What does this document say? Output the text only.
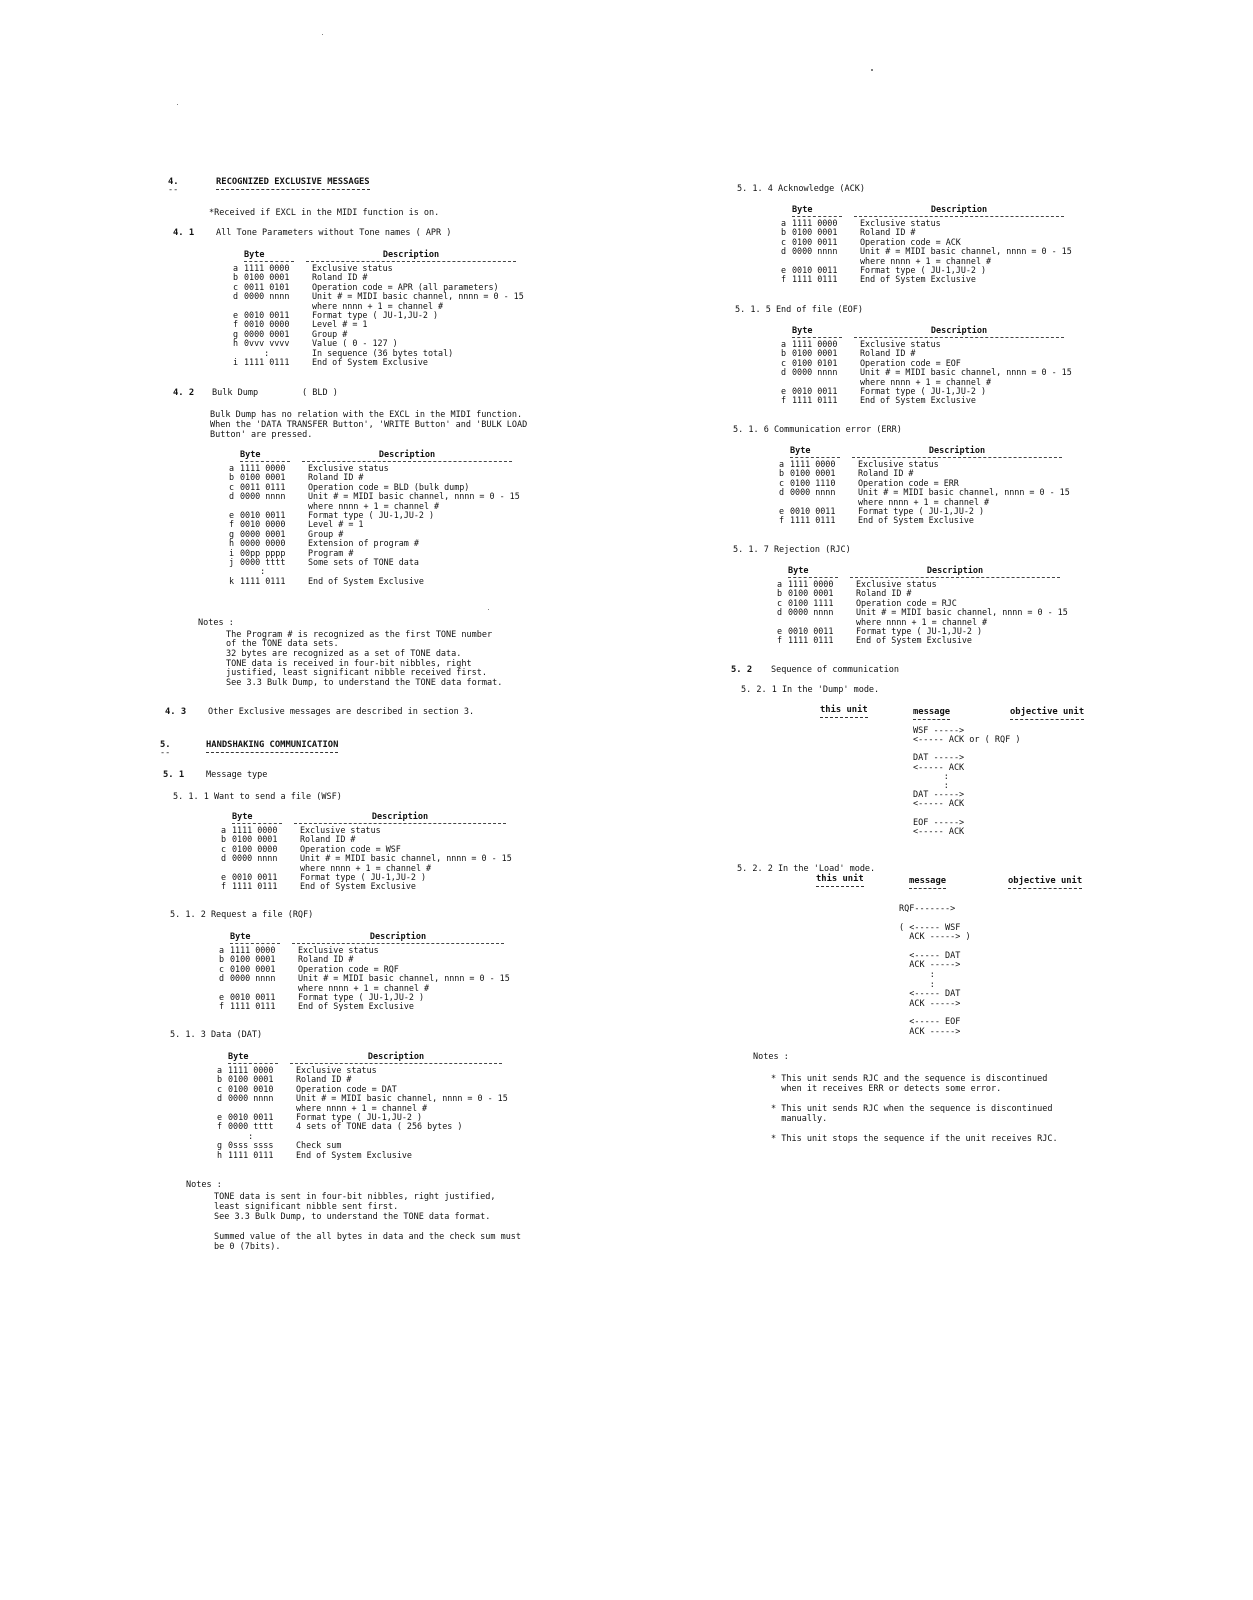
4.
--
RECOGNIZED EXCLUSIVE MESSAGES
*Received if EXCL in the MIDI function is on.
4. 1	All Tone Parameters without Tone names ( APR )
Byte	Description
a 1111 0000	Exclusive status
b 0100 0001	Roland ID #
c 0011 0101	Operation code = APR (all parameters)
d 0000 nnnn	Unit # = MIDI basic channel, nnnn = 0 - 15
where nnnn + 1 = channel #
e 0010 0011	Format type ( JU-1,JU-2 )
f 0010 0000	Level # = 1
g 0000 0001	Group #
h 0vvv vvvv	Value ( 0 - 127 )
:	In sequence (36 bytes total)
i 1111 0111	End of System Exclusive
4. 2 Bulk Dump	( BLD )
Bulk Dump has no relation with the EXCL in the MIDI function.
When the 'DATA TRANSFER Button', 'WRITE Button' and 'BULK LOAD
Button' are pressed.
Byte	Description
a 1111 0000	Exclusive status
b 0100 0001	Roland ID #
c 0011 0111	Operation code = BLD (bulk dump)
d 0000 nnnn	Unit # = MIDI basic channel, nnnn = 0 - 15
where nnnn + 1 = channel #
e 0010 0011	Format type ( JU-1,JU-2 )
f 0010 0000	Level # = 1
g 0000 0001	Group #
h 0000 0000	Extension of program #
i 00pp pppp	Program #
j 0000 tttt	Some sets of TONE data
:
k 1111 0111	End of System Exclusive
Notes :
The Program # is recognized as the first TONE number
of the TONE data sets.
32 bytes are recognized as a set of TONE data.
TONE data is received in four-bit nibbles, right
justified, least significant nibble received first.
See 3.3 Bulk Dump, to understand the TONE data format.
4. 3	Other Exclusive messages are described in section 3.
5.
--
HANDSHAKING COMMUNICATION
5. 1	Message type
5. 1. 1 Want to send a file (WSF)
Byte	Description
a 1111 0000	Exclusive status
b 0100 0001	Roland ID #
c 0100 0000	Operation code = WSF
d 0000 nnnn	Unit # = MIDI basic channel, nnnn = 0 - 15
where nnnn + 1 = channel #
e 0010 0011	Format type ( JU-1,JU-2 )
f 1111 0111	End of System Exclusive
5. 1. 2 Request a file (RQF)
Byte	Description
a 1111 0000	Exclusive status
b 0100 0001	Roland ID #
c 0100 0001	Operation code = RQF
d 0000 nnnn	Unit # = MIDI basic channel, nnnn = 0 - 15
where nnnn + 1 = channel #
e 0010 0011	Format type ( JU-1,JU-2 )
f 1111 0111	End of System Exclusive
5. 1. 3 Data (DAT)
Byte	Description
a 1111 0000	Exclusive status
b 0100 0001	Roland ID #
c 0100 0010	Operation code = DAT
d 0000 nnnn	Unit # = MIDI basic channel, nnnn = 0 - 15
where nnnn + 1 = channel #
e 0010 0011	Format type ( JU-1,JU-2 )
f 0000 tttt	4 sets of TONE data ( 256 bytes )
:
g 0sss ssss	Check sum
h 1111 0111	End of System Exclusive
Notes :
TONE data is sent in four-bit nibbles, right justified,
least significant nibble sent first.
See 3.3 Bulk Dump, to understand the TONE data format.
Summed value of the all bytes in data and the check sum must
be 0 (7bits).
5. 1. 4 Acknowledge (ACK)
Byte	Description
a 1111 0000	Exclusive status
b 0100 0001	Roland ID #
c 0100 0011	Operation code = ACK
d 0000 nnnn	Unit # = MIDI basic channel, nnnn = 0 - 15
where nnnn + 1 = channel #
e 0010 0011	Format type ( JU-1,JU-2 )
f 1111 0111	End of System Exclusive
5. 1. 5 End of file (EOF)
Byte	Description
a 1111 0000	Exclusive status
b 0100 0001	Roland ID #
c 0100 0101	Operation code = EOF
d 0000 nnnn	Unit # = MIDI basic channel, nnnn = 0 - 15
where nnnn + 1 = channel #
e 0010 0011	Format type ( JU-1,JU-2 )
f 1111 0111	End of System Exclusive
5. 1. 6 Communication error (ERR)
Byte	Description
a 1111 0000	Exclusive status
b 0100 0001	Roland ID #
c 0100 1110	Operation code = ERR
d 0000 nnnn	Unit # = MIDI basic channel, nnnn = 0 - 15
where nnnn + 1 = channel #
e 0010 0011	Format type ( JU-1,JU-2 )
f 1111 0111	End of System Exclusive
5. 1. 7 Rejection (RJC)
Byte	Description
a 1111 0000	Exclusive status
b 0100 0001	Roland ID #
c 0100 1111	Operation code = RJC
d 0000 nnnn	Unit # = MIDI basic channel, nnnn = 0 - 15
where nnnn + 1 = channel #
e 0010 0011	Format type ( JU-1,JU-2 )
f 1111 0111	End of System Exclusive
5. 2 Sequence of communication
5. 2. 1 In the 'Dump' mode.
this unit	message	objective unit
WSF ----->
<----- ACK or ( RQF )
DAT ----->
<----- ACK
:
:
DAT ----->
<----- ACK
EOF ----->
<----- ACK
5. 2. 2 In the 'Load' mode.
this unit	message	objective unit
RQF------->
( <----- WSF
ACK -----> )
<----- DAT
ACK ----->
:
:
<----- DAT
ACK ----->
<----- EOF
ACK ----->
Notes :
* This unit sends RJC and the sequence is discontinued
when it receives ERR or detects some error.
* This unit sends RJC when the sequence is discontinued
manually.
* This unit stops the sequence if the unit receives RJC.
